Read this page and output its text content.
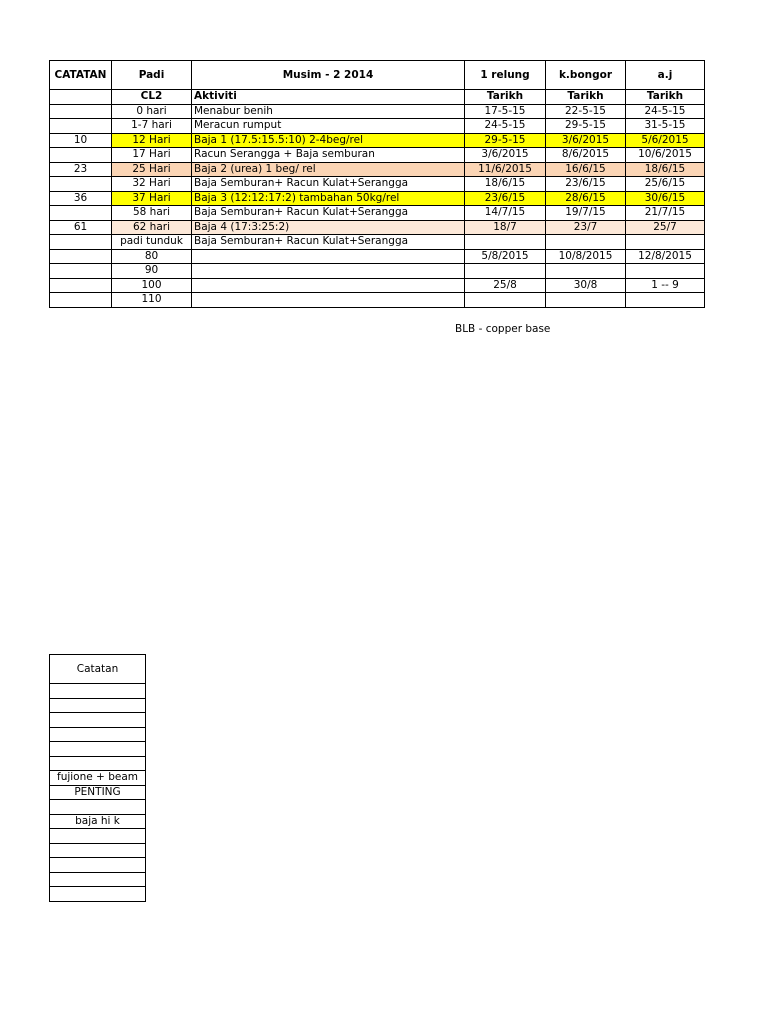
CATATAN	Padi	Musim - 2 2014	1 relung	k.bongor	a.j
	CL2	Aktiviti	Tarikh	Tarikh	Tarikh
	0 hari	Menabur benih	17-5-15	22-5-15	24-5-15
	1-7 hari	Meracun rumput	24-5-15	29-5-15	31-5-15
10	12 Hari	Baja 1 (17.5:15.5:10) 2-4beg/rel	29-5-15	3/6/2015	5/6/2015
	17 Hari	Racun Serangga + Baja semburan	3/6/2015	8/6/2015	10/6/2015
23	25 Hari	Baja 2 (urea) 1 beg/ rel	11/6/2015	16/6/15	18/6/15
	32 Hari	Baja Semburan+ Racun Kulat+Serangga	18/6/15	23/6/15	25/6/15
36	37 Hari	Baja 3 (12:12:17:2) tambahan 50kg/rel	23/6/15	28/6/15	30/6/15
	58 hari	Baja Semburan+ Racun Kulat+Serangga	14/7/15	19/7/15	21/7/15
61	62 hari	Baja 4 (17:3:25:2)	18/7	23/7	25/7
	padi tunduk	Baja Semburan+ Racun Kulat+Serangga			
	80		5/8/2015	10/8/2015	12/8/2015
	90				
	100		25/8	30/8	1 -- 9
	110				
BLB - copper base
Catatan

fujione + beam
PENTING

baja hi k
